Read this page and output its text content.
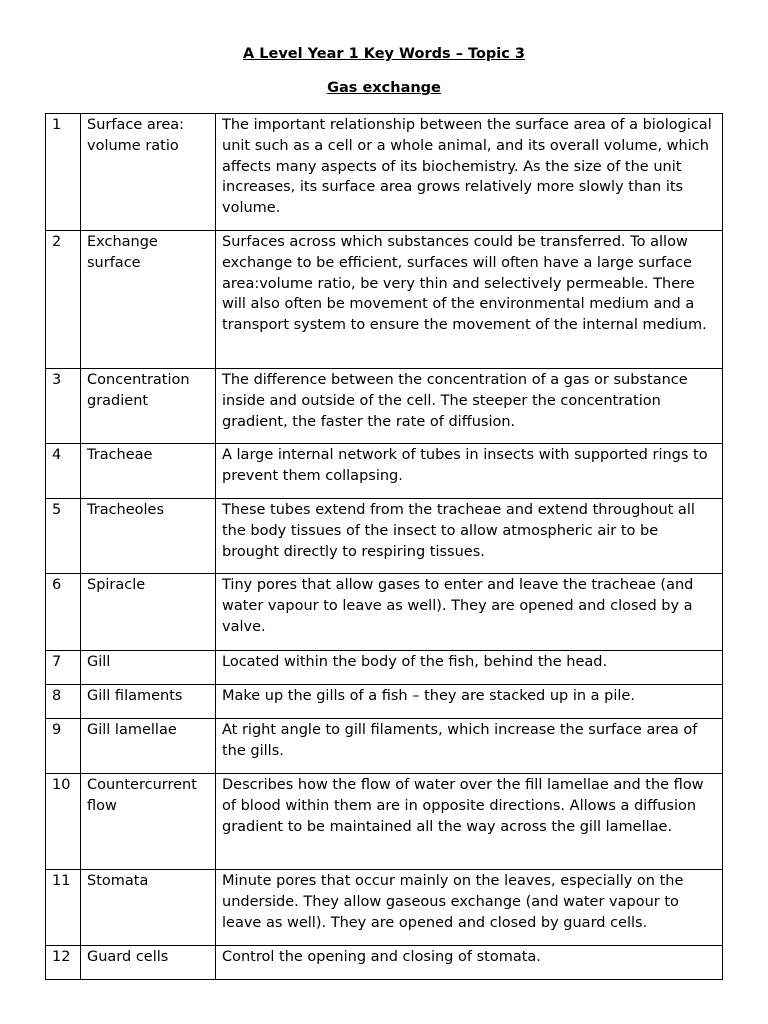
A Level Year 1 Key Words – Topic 3
Gas exchange
1	Surface area: volume ratio	The important relationship between the surface area of a biological unit such as a cell or a whole animal, and its overall volume, which affects many aspects of its biochemistry. As the size of the unit increases, its surface area grows relatively more slowly than its volume.
2	Exchange surface	Surfaces across which substances could be transferred. To allow exchange to be efficient, surfaces will often have a large surface area:volume ratio, be very thin and selectively permeable. There will also often be movement of the environmental medium and a transport system to ensure the movement of the internal medium.
3	Concentration gradient	The difference between the concentration of a gas or substance inside and outside of the cell. The steeper the concentration gradient, the faster the rate of diffusion.
4	Tracheae	A large internal network of tubes in insects with supported rings to prevent them collapsing.
5	Tracheoles	These tubes extend from the tracheae and extend throughout all the body tissues of the insect to allow atmospheric air to be brought directly to respiring tissues.
6	Spiracle	Tiny pores that allow gases to enter and leave the tracheae (and water vapour to leave as well). They are opened and closed by a valve.
7	Gill	Located within the body of the fish, behind the head.
8	Gill filaments	Make up the gills of a fish – they are stacked up in a pile.
9	Gill lamellae	At right angle to gill filaments, which increase the surface area of the gills.
10	Countercurrent flow	Describes how the flow of water over the fill lamellae and the flow of blood within them are in opposite directions. Allows a diffusion gradient to be maintained all the way across the gill lamellae.
11	Stomata	Minute pores that occur mainly on the leaves, especially on the underside. They allow gaseous exchange (and water vapour to leave as well). They are opened and closed by guard cells.
12	Guard cells	Control the opening and closing of stomata.
